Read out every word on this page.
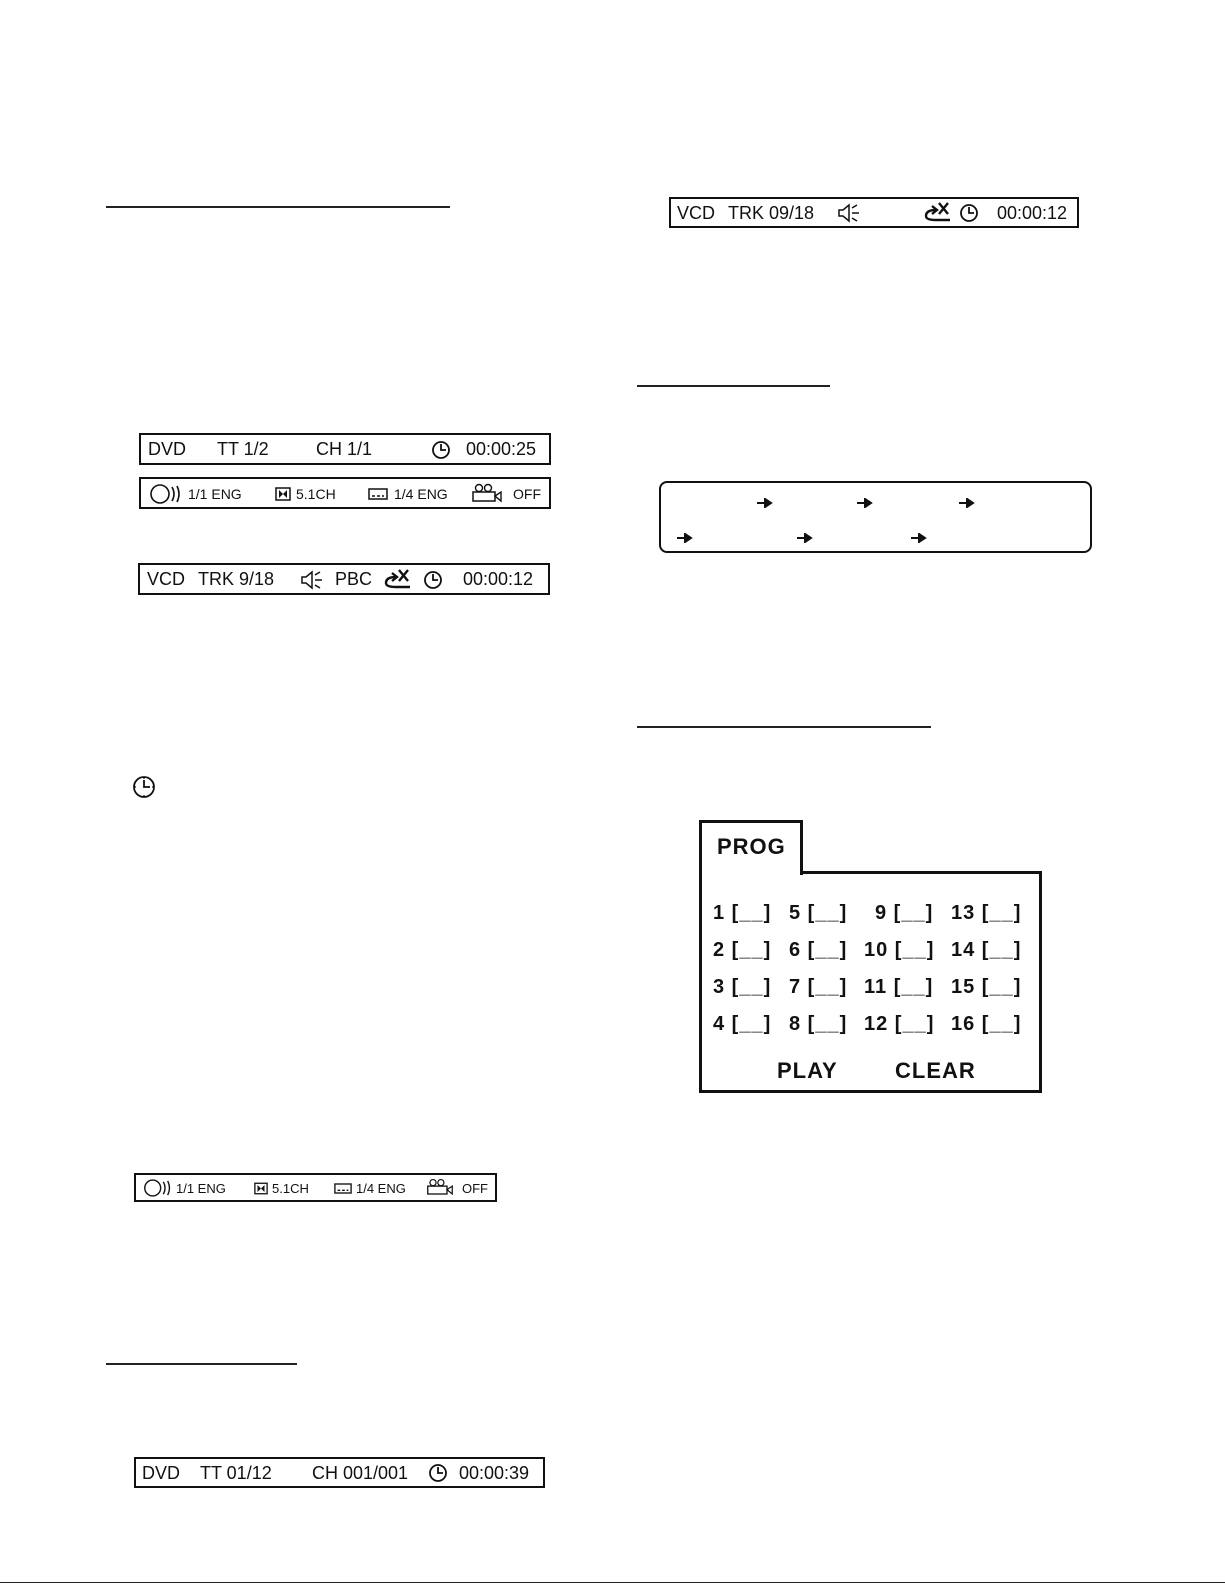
DVD TT 1/2	CH 1/1	00:00:25
1/1 ENG	5.1CH	1/4 ENG	OFF
VCD TRK 9/18	PBC	00:00:12
1/1 ENG	5.1CH	1/4 ENG	OFF
DVD TT 01/12 CH 001/001	00:00:39
VCD TRK 09/18	00:00:12
PROG
1 [__] 5 [__] 9 [__] 13 [__]
2 [__] 6 [__] 10 [__] 14 [__]
3 [__] 7 [__] 11 [__] 15 [__]
4 [__] 8 [__] 12 [__] 16 [__]
PLAY	CLEAR
